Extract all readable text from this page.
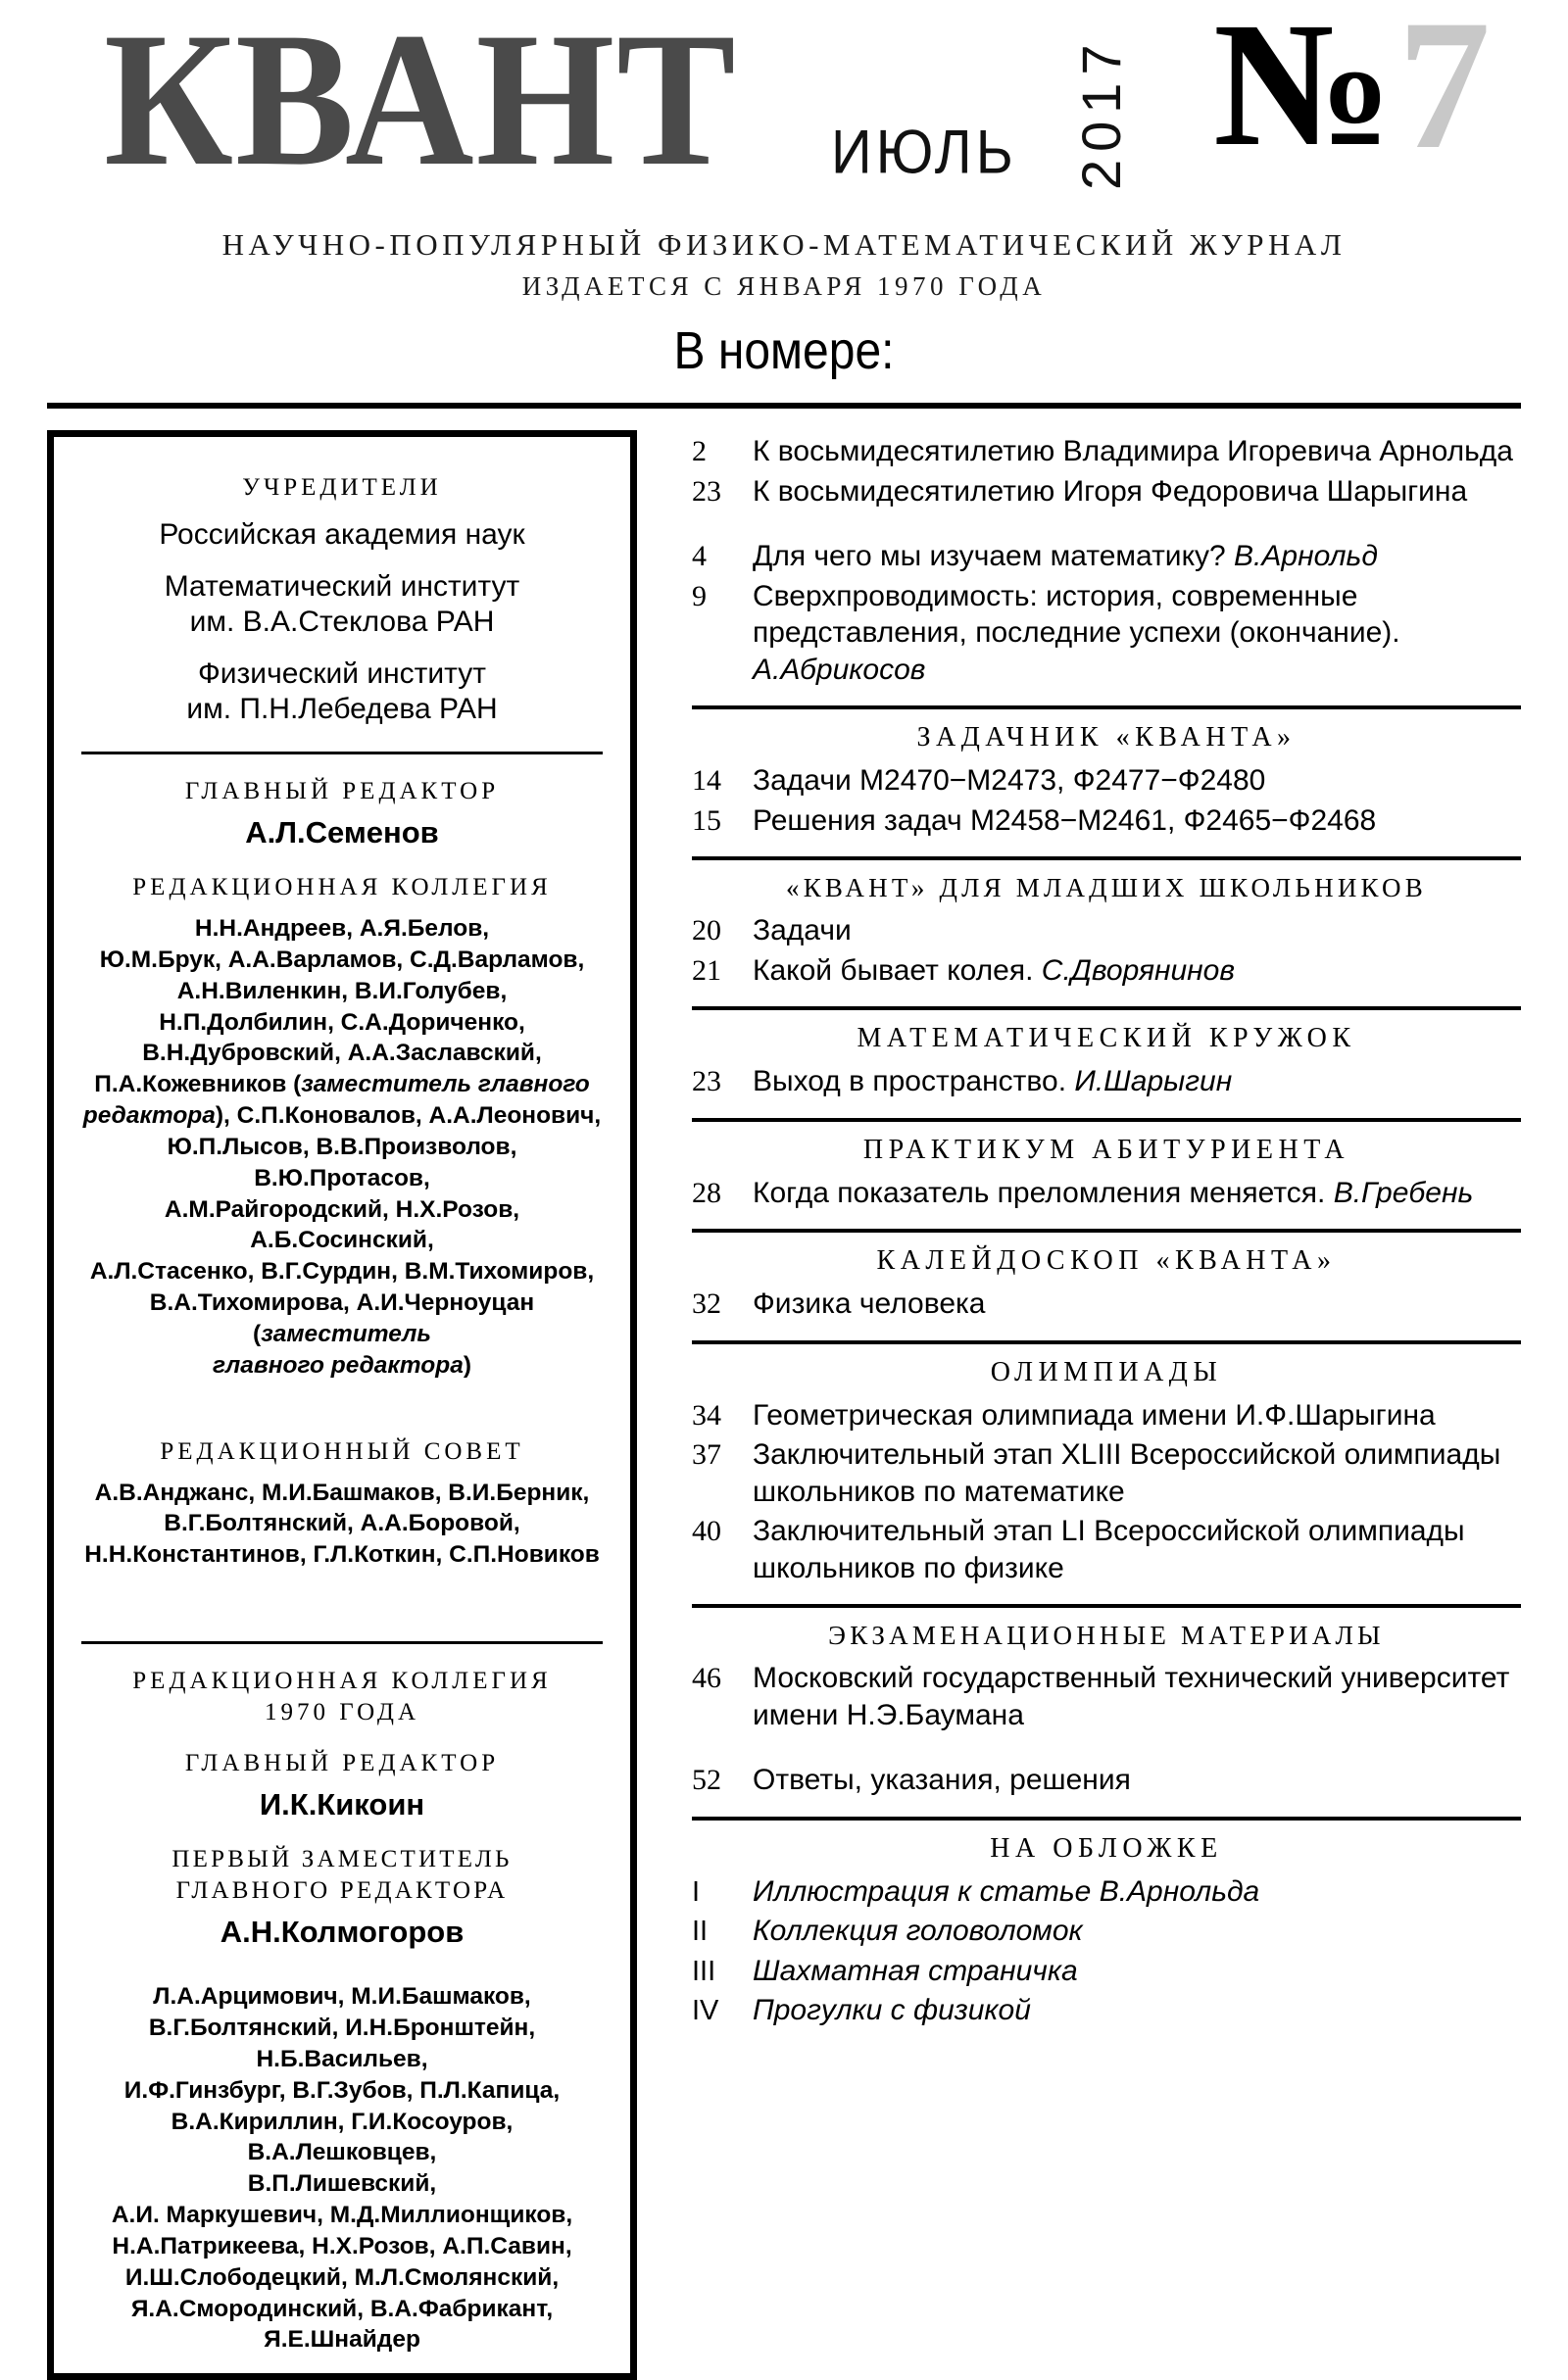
КВАНТ ИЮЛЬ 2017 № 7
НАУЧНО-ПОПУЛЯРНЫЙ ФИЗИКО-МАТЕМАТИЧЕСКИЙ ЖУРНАЛ
ИЗДАЕТСЯ С ЯНВАРЯ 1970 ГОДА
В номере:
УЧРЕДИТЕЛИ
Российская академия наук
Математический институт
им. В.А.Стеклова РАН
Физический институт
им. П.Н.Лебедева РАН
ГЛАВНЫЙ РЕДАКТОР
А.Л.Семенов
РЕДАКЦИОННАЯ КОЛЛЕГИЯ
Н.Н.Андреев, А.Я.Белов,
Ю.М.Брук, А.А.Варламов, С.Д.Варламов,
А.Н.Виленкин, В.И.Голубев,
Н.П.Долбилин, С.А.Дориченко,
В.Н.Дубровский, А.А.Заславский,
П.А.Кожевников (заместитель главного
редактора), С.П.Коновалов, А.А.Леонович,
Ю.П.Лысов, В.В.Произволов, В.Ю.Протасов,
А.М.Райгородский, Н.Х.Розов, А.Б.Сосинский,
А.Л.Стасенко, В.Г.Сурдин, В.М.Тихомиров,
В.А.Тихомирова, А.И.Черноуцан (заместитель
главного редактора)
РЕДАКЦИОННЫЙ СОВЕТ
А.В.Анджанс, М.И.Башмаков, В.И.Берник,
В.Г.Болтянский, А.А.Боровой,
Н.Н.Константинов, Г.Л.Коткин, С.П.Новиков
РЕДАКЦИОННАЯ КОЛЛЕГИЯ
1970 ГОДА
ГЛАВНЫЙ РЕДАКТОР
И.К.Кикоин
ПЕРВЫЙ ЗАМЕСТИТЕЛЬ
ГЛАВНОГО РЕДАКТОРА
А.Н.Колмогоров
Л.А.Арцимович, М.И.Башмаков,
В.Г.Болтянский, И.Н.Бронштейн, Н.Б.Васильев,
И.Ф.Гинзбург, В.Г.Зубов, П.Л.Капица,
В.А.Кириллин, Г.И.Косоуров, В.А.Лешковцев,
В.П.Лишевский,
А.И. Маркушевич, М.Д.Миллионщиков,
Н.А.Патрикеева, Н.Х.Розов, А.П.Савин,
И.Ш.Слободецкий, М.Л.Смолянский,
Я.А.Смородинский, В.А.Фабрикант,
Я.Е.Шнайдер
2	К восьмидесятилетию Владимира Игоревича Арнольда
23	К восьмидесятилетию Игоря Федоровича Шарыгина
4	Для чего мы изучаем математику? В.Арнольд
9	Сверхпроводимость: история, современные представления, последние успехи (окончание). А.Абрикосов
ЗАДАЧНИК «КВАНТА»
14	Задачи М2470−М2473, Ф2477−Ф2480
15	Решения задач М2458−М2461, Ф2465−Ф2468
«КВАНТ» ДЛЯ МЛАДШИХ ШКОЛЬНИКОВ
20	Задачи
21	Какой бывает колея. С.Дворянинов
МАТЕМАТИЧЕСКИЙ КРУЖОК
23	Выход в пространство. И.Шарыгин
ПРАКТИКУМ АБИТУРИЕНТА
28	Когда показатель преломления меняется. В.Гребень
КАЛЕЙДОСКОП «КВАНТА»
32	Физика человека
ОЛИМПИАДЫ
34	Геометрическая олимпиада имени И.Ф.Шарыгина
37	Заключительный этап XLIII Всероссийской олимпиады школьников по математике
40	Заключительный этап LI Всероссийской олимпиады школьников по физике
ЭКЗАМЕНАЦИОННЫЕ МАТЕРИАЛЫ
46	Московский государственный технический университет имени Н.Э.Баумана
52	Ответы, указания, решения
НА ОБЛОЖКЕ
I	Иллюстрация к статье В.Арнольда
II	Коллекция головоломок
III	Шахматная страничка
IV	Прогулки с физикой
